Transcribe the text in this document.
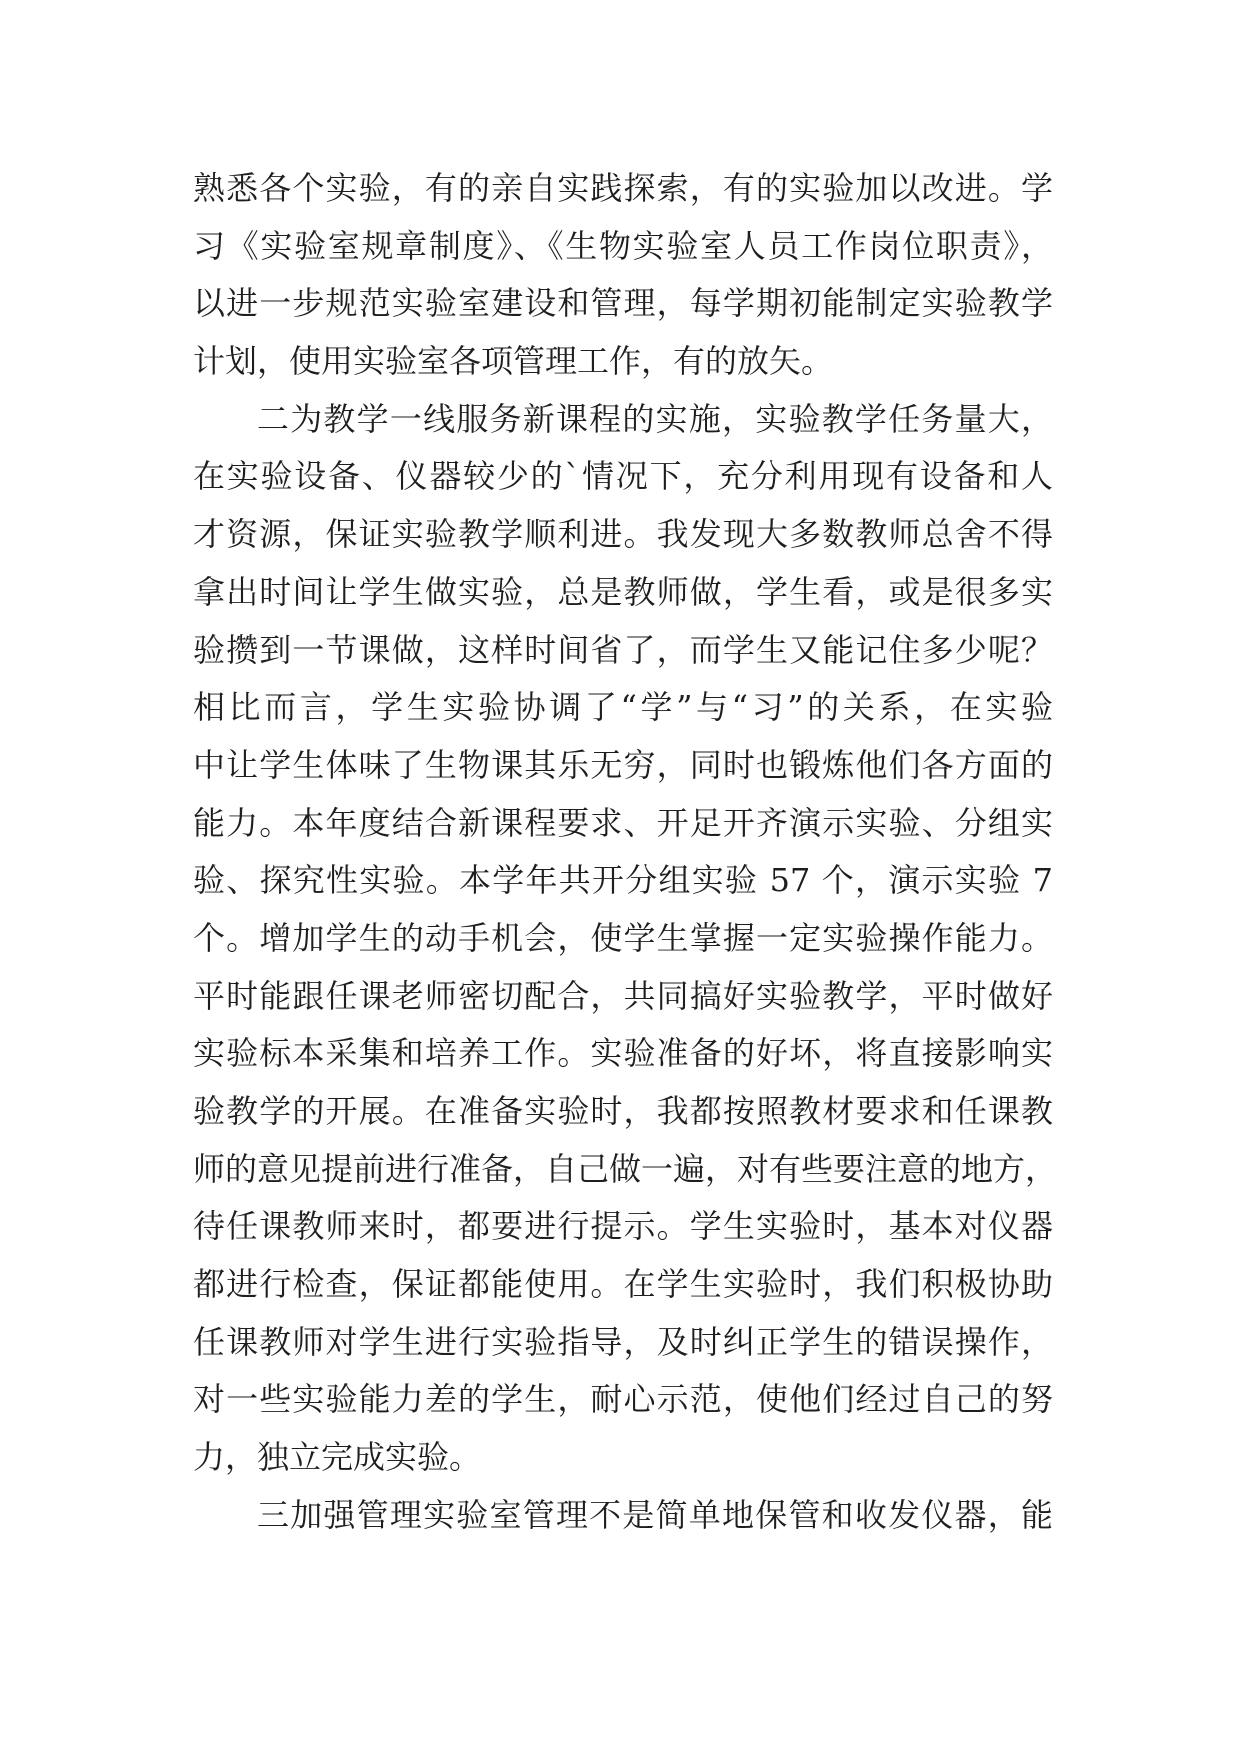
熟悉各个实验，有的亲自实践探索，有的实验加以改进。学
习《实验室规章制度》、《生物实验室人员工作岗位职责》，
以进一步规范实验室建设和管理，每学期初能制定实验教学
计划，使用实验室各项管理工作，有的放矢。
二为教学一线服务新课程的实施，实验教学任务量大，
在实验设备、仪器较少的`情况下，充分利用现有设备和人
才资源，保证实验教学顺利进。我发现大多数教师总舍不得
拿出时间让学生做实验，总是教师做，学生看，或是很多实
验攒到一节课做，这样时间省了，而学生又能记住多少呢？
相比而言，学生实验协调了“学”与“习”的关系，在实验
中让学生体味了生物课其乐无穷，同时也锻炼他们各方面的
能力。本年度结合新课程要求、开足开齐演示实验、分组实
验、探究性实验。本学年共开分组实验 57 个，演示实验 7
个。增加学生的动手机会，使学生掌握一定实验操作能力。
平时能跟任课老师密切配合，共同搞好实验教学，平时做好
实验标本采集和培养工作。实验准备的好坏，将直接影响实
验教学的开展。在准备实验时，我都按照教材要求和任课教
师的意见提前进行准备，自己做一遍，对有些要注意的地方，
待任课教师来时，都要进行提示。学生实验时，基本对仪器
都进行检查，保证都能使用。在学生实验时，我们积极协助
任课教师对学生进行实验指导，及时纠正学生的错误操作，
对一些实验能力差的学生，耐心示范，使他们经过自己的努
力，独立完成实验。
三加强管理实验室管理不是简单地保管和收发仪器，能
